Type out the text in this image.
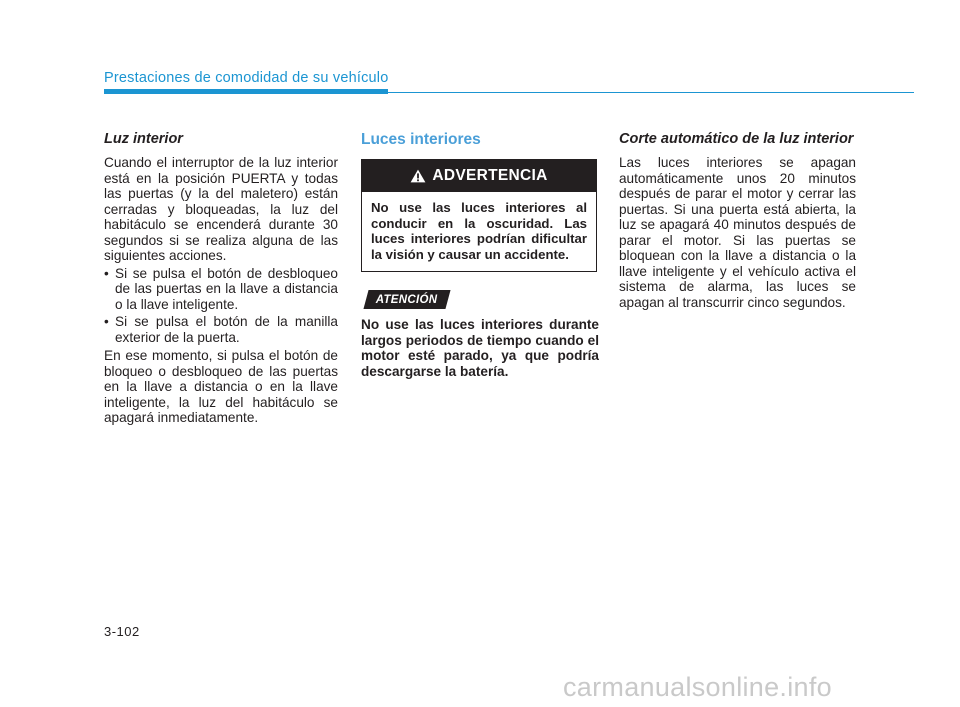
Prestaciones de comodidad de su vehículo
Luz interior

Cuando el interruptor de la luz interior está en la posición PUERTA y todas las puertas (y la del maletero) están cerradas y bloqueadas, la luz del habitáculo se encenderá durante 30 segundos si se realiza alguna de las siguientes acciones.

• Si se pulsa el botón de desbloqueo de las puertas en la llave a distancia o la llave inteligente.
• Si se pulsa el botón de la manilla exterior de la puerta.

En ese momento, si pulsa el botón de bloqueo o desbloqueo de las puertas en la llave a distancia o en la llave inteligente, la luz del habitáculo se apagará inmediatamente.

Luces interiores
ADVERTENCIA
No use las luces interiores al conducir en la oscuridad. Las luces interiores podrían dificultar la visión y causar un accidente.
ATENCIÓN

No use las luces interiores durante largos periodos de tiempo cuando el motor esté parado, ya que podría descargarse la batería.

Corte automático de la luz interior

Las luces interiores se apagan automáticamente unos 20 minutos después de parar el motor y cerrar las puertas. Si una puerta está abierta, la luz se apagará 40 minutos después de parar el motor. Si las puertas se bloquean con la llave a distancia o la llave inteligente y el vehículo activa el sistema de alarma, las luces se apagan al transcurrir cinco segundos.

3-102
carmanualsonline.info
